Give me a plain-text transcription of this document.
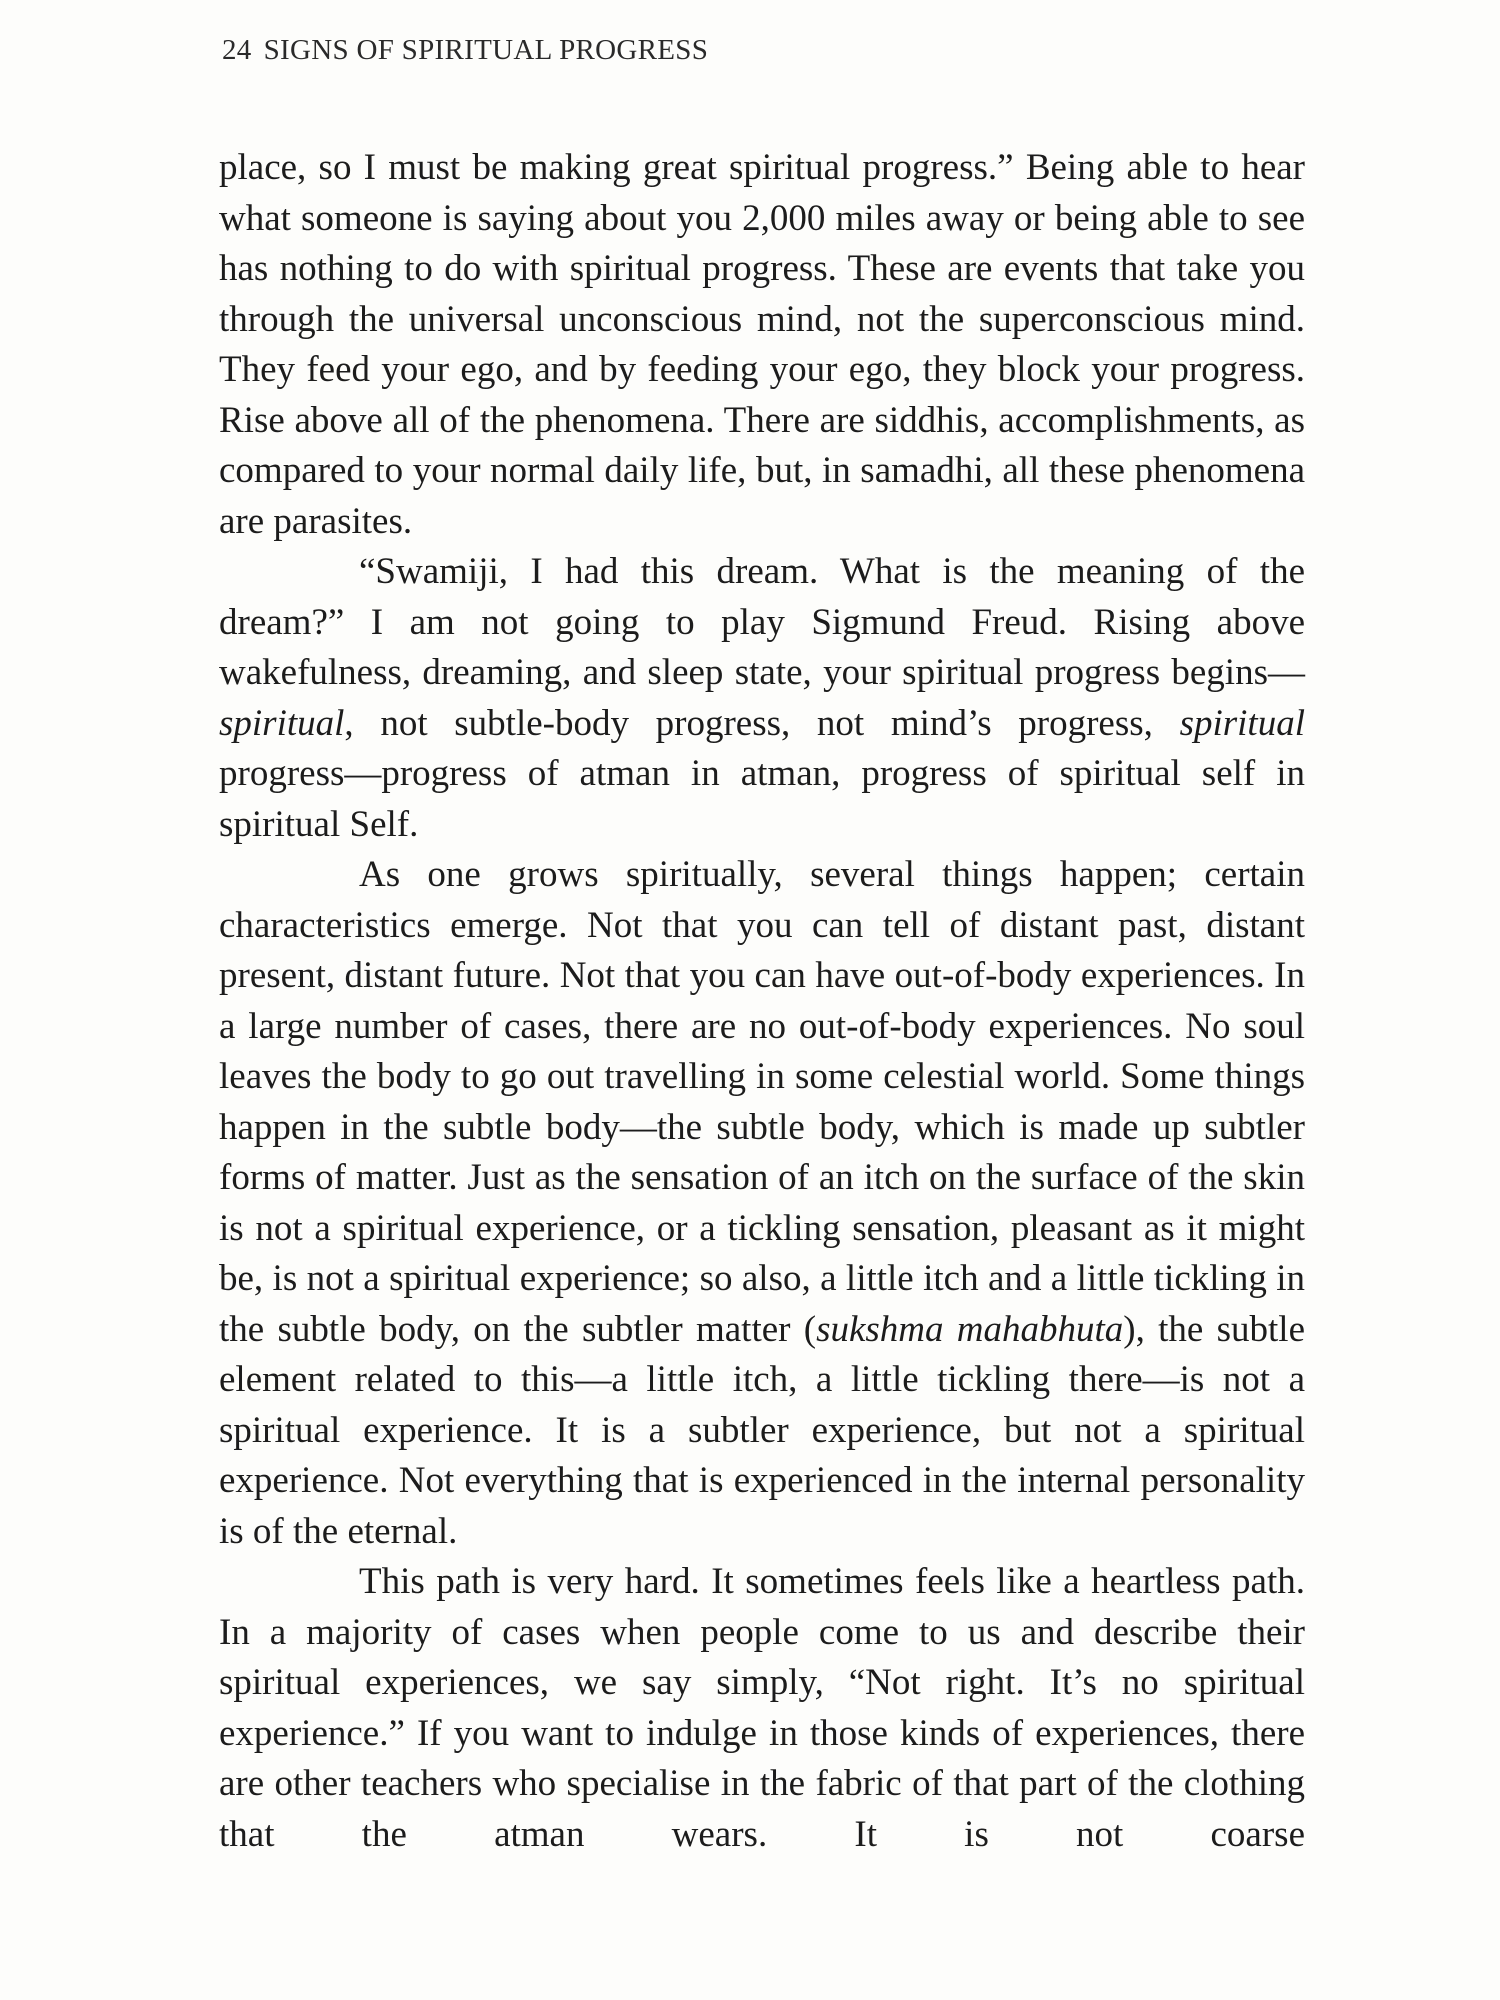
24 SIGNS OF SPIRITUAL PROGRESS

place, so I must be making great spiritual progress.” Being able to hear what someone is saying about you 2,000 miles away or being able to see has nothing to do with spiritual progress. These are events that take you through the universal unconscious mind, not the superconscious mind. They feed your ego, and by feeding your ego, they block your progress. Rise above all of the phenomena. There are siddhis, accomplishments, as compared to your normal daily life, but, in samadhi, all these phenomena are parasites.

“Swamiji, I had this dream. What is the meaning of the dream?” I am not going to play Sigmund Freud. Rising above wakefulness, dreaming, and sleep state, your spiritual progress begins—spiritual, not subtle-body progress, not mind’s progress, spiritual progress—progress of atman in atman, progress of spiritual self in spiritual Self.

As one grows spiritually, several things happen; certain characteristics emerge. Not that you can tell of distant past, distant present, distant future. Not that you can have out-of-body experiences. In a large number of cases, there are no out-of-body experiences. No soul leaves the body to go out travelling in some celestial world. Some things happen in the subtle body—the subtle body, which is made up subtler forms of matter. Just as the sensation of an itch on the surface of the skin is not a spiritual experience, or a tickling sensation, pleasant as it might be, is not a spiritual experience; so also, a little itch and a little tickling in the subtle body, on the subtler matter (sukshma mahabhuta), the subtle element related to this—a little itch, a little tickling there—is not a spiritual experience. It is a subtler experience, but not a spiritual experience. Not everything that is experienced in the internal personality is of the eternal.

This path is very hard. It sometimes feels like a heartless path. In a majority of cases when people come to us and describe their spiritual experiences, we say simply, “Not right. It’s no spiritual experience.” If you want to indulge in those kinds of experiences, there are other teachers who specialise in the fabric of that part of the clothing that the atman wears. It is not coarse
